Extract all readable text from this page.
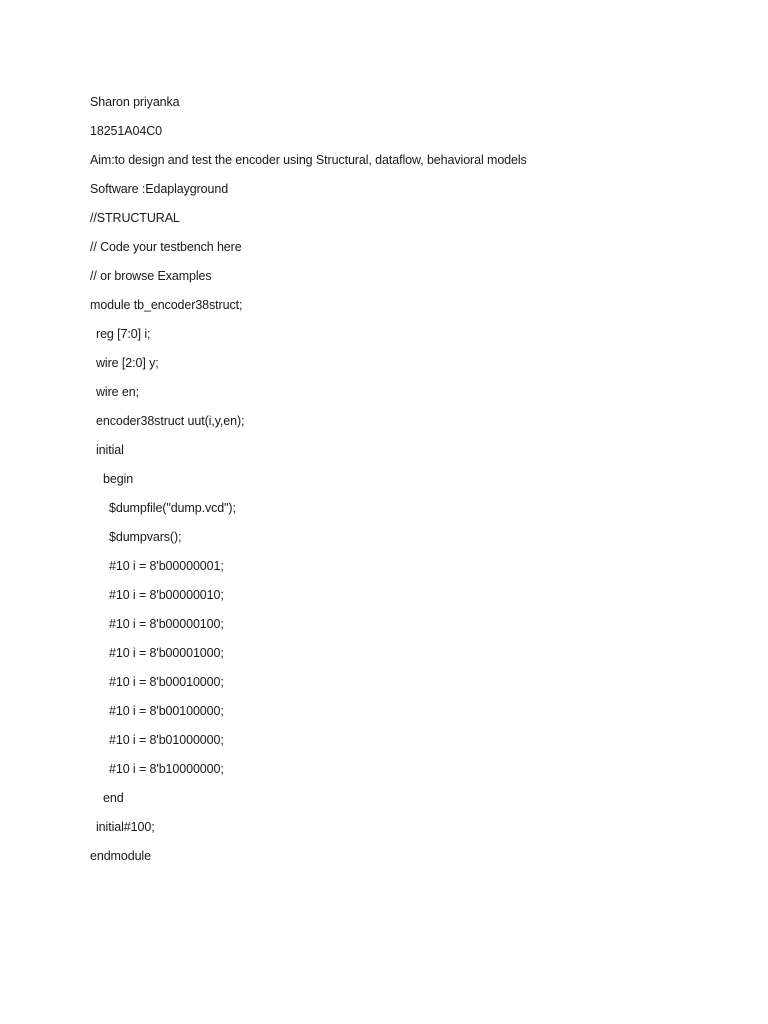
Sharon priyanka
18251A04C0
Aim:to design and test the encoder using Structural, dataflow, behavioral models
Software :Edaplayground
//STRUCTURAL
// Code your testbench here
// or browse Examples
module tb_encoder38struct;
reg [7:0] i;
wire [2:0] y;
wire en;
encoder38struct uut(i,y,en);
initial
begin
$dumpfile("dump.vcd");
$dumpvars();
#10 i = 8'b00000001;
#10 i = 8'b00000010;
#10 i = 8'b00000100;
#10 i = 8'b00001000;
#10 i = 8'b00010000;
#10 i = 8'b00100000;
#10 i = 8'b01000000;
#10 i = 8'b10000000;
end
initial#100;
endmodule
